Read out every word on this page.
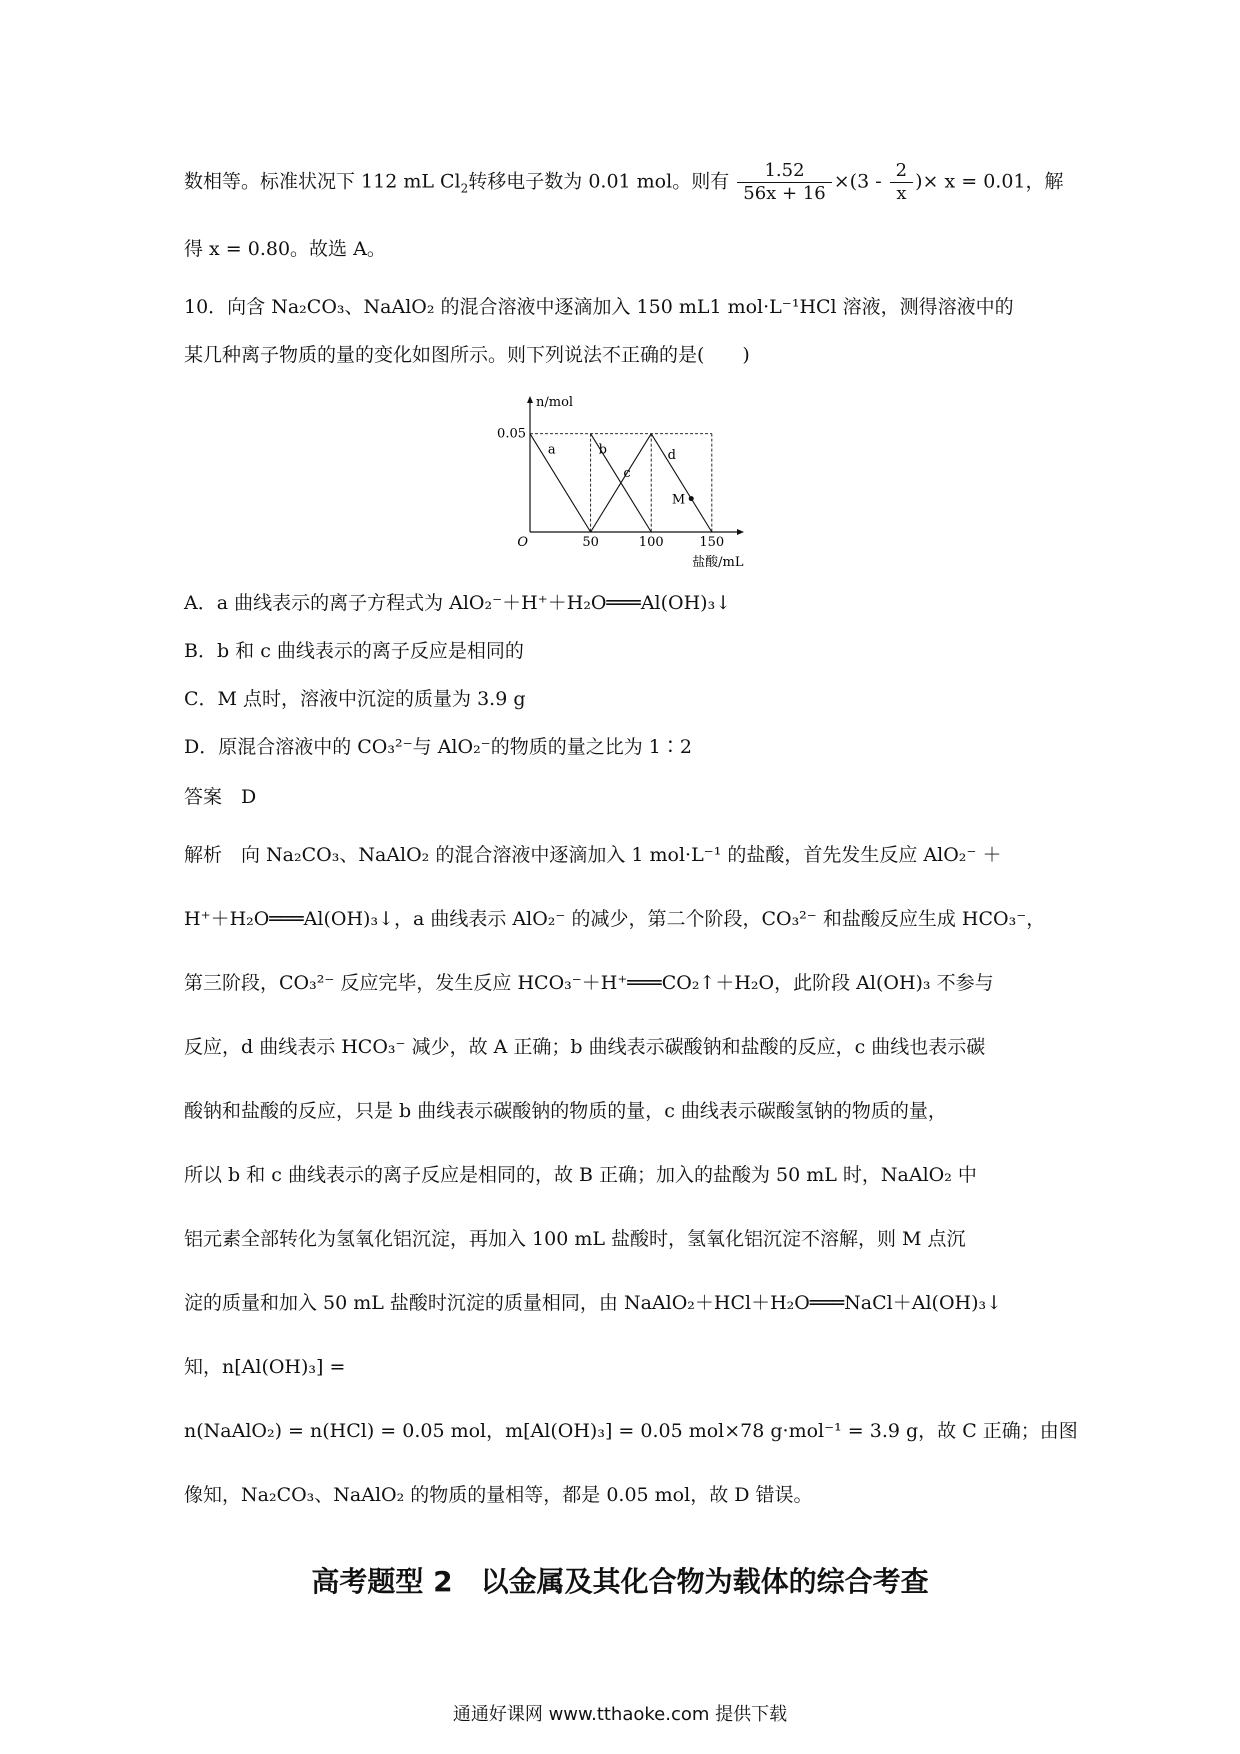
数相等。标准状况下 112 mL $Cl_2$转移电子数为 0.01 mol。则有 $\frac{1.52}{56x + 16} \times(3 - \frac{2}{x}$ )× x = 0.01，解
得 x = 0.80。故选 A。
10．向含 Na₂CO₃、NaAlO₂ 的混合溶液中逐滴加入 150 mL1 mol·L⁻¹HCl 溶液，测得溶液中的
某几种离子物质的量的变化如图所示。则下列说法不正确的是(　　)
50	100	150
0.05
O
n/mol
盐酸/mL
a	b
c
d
M
A．a 曲线表示的离子方程式为 AlO₂⁻＋H⁺＋H₂O═══Al(OH)₃↓
B．b 和 c 曲线表示的离子反应是相同的
C．M 点时，溶液中沉淀的质量为 3.9 g
D．原混合溶液中的 CO₃²⁻与 AlO₂⁻的物质的量之比为 1∶2
答案　D
解析　向 Na₂CO₃、NaAlO₂ 的混合溶液中逐滴加入 1 mol·L⁻¹ 的盐酸，首先发生反应 AlO₂⁻ ＋
H⁺＋H₂O═══Al(OH)₃↓，a 曲线表示 AlO₂⁻ 的减少，第二个阶段，CO₃²⁻ 和盐酸反应生成 HCO₃⁻，
第三阶段，CO₃²⁻ 反应完毕，发生反应 HCO₃⁻＋H⁺═══CO₂↑＋H₂O，此阶段 Al(OH)₃ 不参与
反应，d 曲线表示 HCO₃⁻ 减少，故 A 正确；b 曲线表示碳酸钠和盐酸的反应，c 曲线也表示碳
酸钠和盐酸的反应，只是 b 曲线表示碳酸钠的物质的量，c 曲线表示碳酸氢钠的物质的量，
所以 b 和 c 曲线表示的离子反应是相同的，故 B 正确；加入的盐酸为 50 mL 时，NaAlO₂ 中
铝元素全部转化为氢氧化铝沉淀，再加入 100 mL 盐酸时，氢氧化铝沉淀不溶解，则 M 点沉
淀的质量和加入 50 mL 盐酸时沉淀的质量相同，由 NaAlO₂＋HCl＋H₂O═══NaCl＋Al(OH)₃↓
知，n[Al(OH)₃] =
n(NaAlO₂) = n(HCl) = 0.05 mol，m[Al(OH)₃] = 0.05 mol×78 g·mol⁻¹ = 3.9 g，故 C 正确；由图
像知，Na₂CO₃、NaAlO₂ 的物质的量相等，都是 0.05 mol，故 D 错误。
高考题型 2　以金属及其化合物为载体的综合考查
通通好课网 www.tthaoke.com 提供下载
